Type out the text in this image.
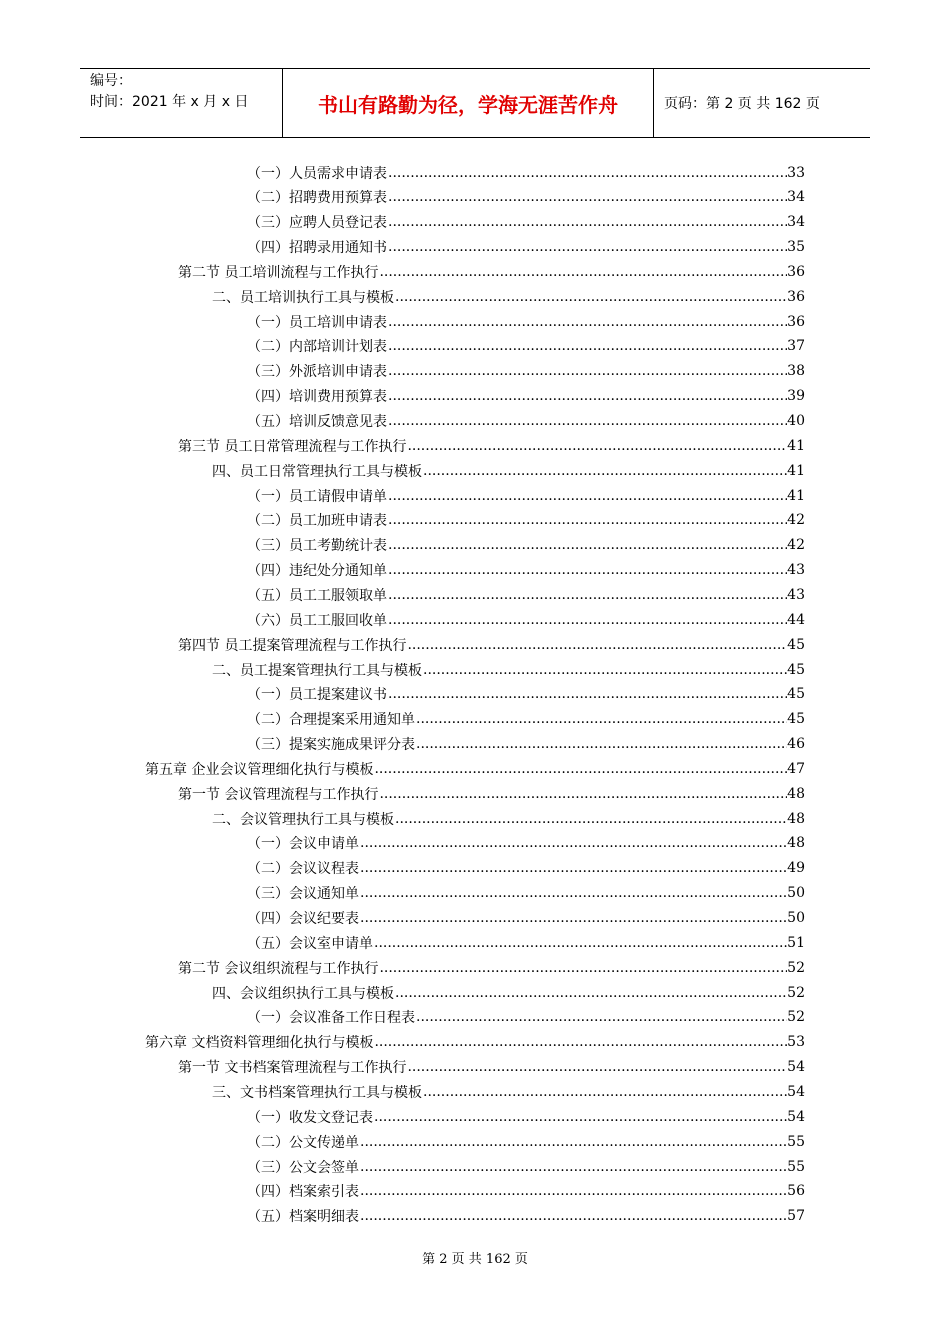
编号：
时间：2021 年 x 月 x 日	书山有路勤为径，学海无涯苦作舟	页码：第 2 页 共 162 页
（一）人员需求申请表 .....	33
（二）招聘费用预算表 .....	34
（三）应聘人员登记表 .....	34
（四）招聘录用通知书 .....	35
第二节 员工培训流程与工作执行 .....	36
二、员工培训执行工具与模板 .....	36
（一）员工培训申请表 .....	36
（二）内部培训计划表 .....	37
（三）外派培训申请表 .....	38
（四）培训费用预算表 .....	39
（五）培训反馈意见表 .....	40
第三节 员工日常管理流程与工作执行 .....	41
四、员工日常管理执行工具与模板 .....	41
（一）员工请假申请单 .....	41
（二）员工加班申请表 .....	42
（三）员工考勤统计表 .....	42
（四）违纪处分通知单 .....	43
（五）员工工服领取单 .....	43
（六）员工工服回收单 .....	44
第四节 员工提案管理流程与工作执行 .....	45
二、员工提案管理执行工具与模板 .....	45
（一）员工提案建议书 .....	45
（二）合理提案采用通知单 .....	45
（三）提案实施成果评分表 .....	46
第五章 企业会议管理细化执行与模板 .....	47
第一节 会议管理流程与工作执行 .....	48
二、会议管理执行工具与模板 .....	48
（一）会议申请单 .....	48
（二）会议议程表 .....	49
（三）会议通知单 .....	50
（四）会议纪要表 .....	50
（五）会议室申请单 .....	51
第二节 会议组织流程与工作执行 .....	52
四、会议组织执行工具与模板 .....	52
（一）会议准备工作日程表 .....	52
第六章 文档资料管理细化执行与模板 .....	53
第一节 文书档案管理流程与工作执行 .....	54
三、文书档案管理执行工具与模板 .....	54
（一）收发文登记表 .....	54
（二）公文传递单 .....	55
（三）公文会签单 .....	55
（四）档案索引表 .....	56
（五）档案明细表 .....	57
第 2 页 共 162 页
